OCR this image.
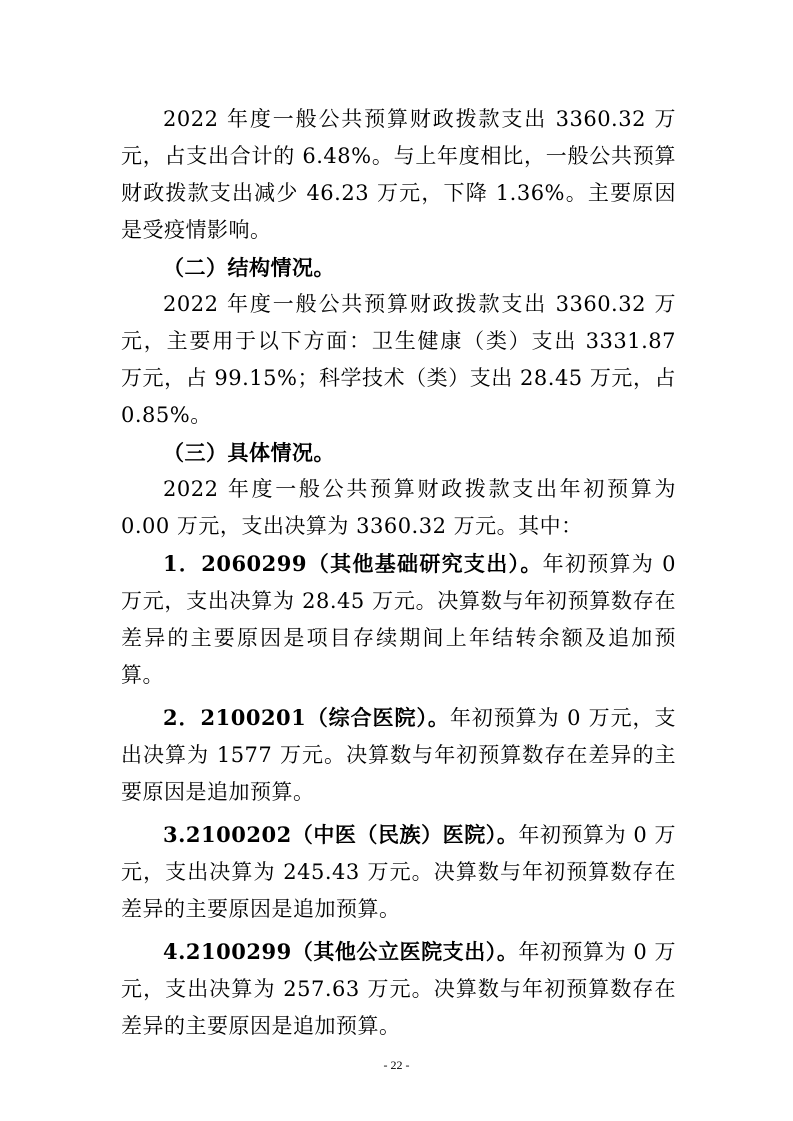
2022 年度一般公共预算财政拨款支出 3360.32 万元，占支出合计的 6.48%。与上年度相比，一般公共预算财政拨款支出减少 46.23 万元，下降 1.36%。主要原因是受疫情影响。

（二）结构情况。

2022 年度一般公共预算财政拨款支出 3360.32 万元，主要用于以下方面：卫生健康（类）支出 3331.87 万元，占 99.15%；科学技术（类）支出 28.45 万元，占 0.85%。

（三）具体情况。

2022 年度一般公共预算财政拨款支出年初预算为 0.00 万元，支出决算为 3360.32 万元。其中：

1．2060299（其他基础研究支出）。年初预算为 0 万元，支出决算为 28.45 万元。决算数与年初预算数存在差异的主要原因是项目存续期间上年结转余额及追加预算。

2．2100201（综合医院）。年初预算为 0 万元，支出决算为 1577 万元。决算数与年初预算数存在差异的主要原因是追加预算。

3.2100202（中医（民族）医院）。年初预算为 0 万元，支出决算为 245.43 万元。决算数与年初预算数存在差异的主要原因是追加预算。

4.2100299（其他公立医院支出）。年初预算为 0 万元，支出决算为 257.63 万元。决算数与年初预算数存在差异的主要原因是追加预算。

- 22 -
